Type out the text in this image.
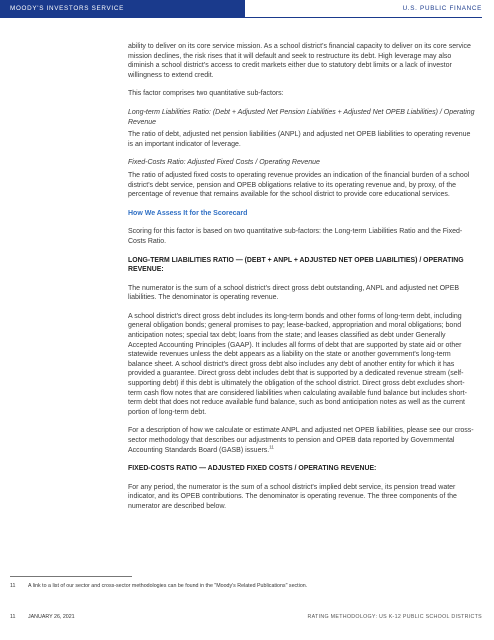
MOODY'S INVESTORS SERVICE	U.S. PUBLIC FINANCE

ability to deliver on its core service mission. As a school district's financial capacity to deliver on its core service mission declines, the risk rises that it will default and seek to restructure its debt. High leverage may also diminish a school district's access to credit markets either due to statutory debt limits or a lack of investor willingness to extend credit.

This factor comprises two quantitative sub-factors:

Long-term Liabilities Ratio: (Debt + Adjusted Net Pension Liabilities + Adjusted Net OPEB Liabilities) / Operating Revenue

The ratio of debt, adjusted net pension liabilities (ANPL) and adjusted net OPEB liabilities to operating revenue is an important indicator of leverage.

Fixed-Costs Ratio: Adjusted Fixed Costs / Operating Revenue

The ratio of adjusted fixed costs to operating revenue provides an indication of the financial burden of a school district's debt service, pension and OPEB obligations relative to its operating revenue and, by proxy, of the percentage of revenue that remains available for the school district to provide core educational services.

How We Assess It for the Scorecard

Scoring for this factor is based on two quantitative sub-factors: the Long-term Liabilities Ratio and the Fixed-Costs Ratio.

LONG-TERM LIABILITIES RATIO — (DEBT + ANPL + ADJUSTED NET OPEB LIABILITIES) / OPERATING REVENUE:

The numerator is the sum of a school district's direct gross debt outstanding, ANPL and adjusted net OPEB liabilities. The denominator is operating revenue.

A school district's direct gross debt includes its long-term bonds and other forms of long-term debt, including general obligation bonds; general promises to pay; lease-backed, appropriation and moral obligations; bond anticipation notes; special tax debt; loans from the state; and leases classified as debt under Generally Accepted Accounting Principles (GAAP). It includes all forms of debt that are supported by state aid or other statewide revenues unless the debt appears as a liability on the state or another government's long-term balance sheet. A school district's direct gross debt also includes any debt of another entity for which it has provided a guarantee. Direct gross debt includes debt that is supported by a dedicated revenue stream (self-supporting debt) if this debt is ultimately the obligation of the school district. Direct gross debt excludes short-term cash flow notes that are considered liabilities when calculating available fund balance but includes short-term debt that does not reduce available fund balance, such as bond anticipation notes as well as the current portion of long-term debt.

For a description of how we calculate or estimate ANPL and adjusted net OPEB liabilities, please see our cross-sector methodology that describes our adjustments to pension and OPEB data reported by Governmental Accounting Standards Board (GASB) issuers.$^{11}$

FIXED-COSTS RATIO — ADJUSTED FIXED COSTS / OPERATING REVENUE:

For any period, the numerator is the sum of a school district's implied debt service, its pension tread water indicator, and its OPEB contributions. The denominator is operating revenue. The three components of the numerator are described below.

11 A link to a list of our sector and cross-sector methodologies can be found in the "Moody's Related Publications" section.
11 JANUARY 26, 2021	RATING METHODOLOGY: US K-12 PUBLIC SCHOOL DISTRICTS
